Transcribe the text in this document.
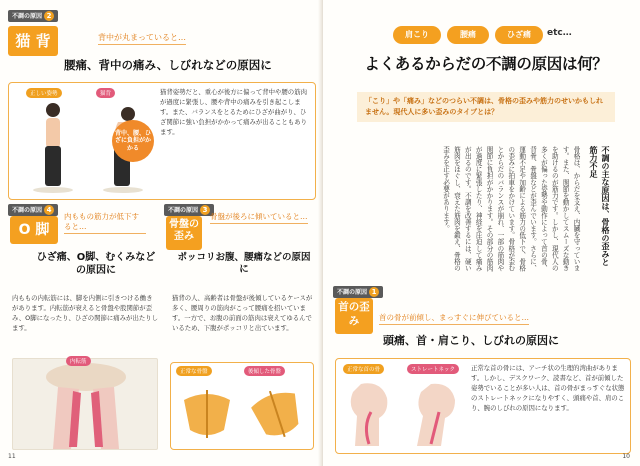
不調の原因 2
猫 背	背中が丸まっていると…
腰痛、背中の痛み、しびれなどの原因に
正しい姿勢	猫背
背中、腰、ひざに負担がかかる
猫背姿勢だと、重心が後方に偏って背中や腰の筋肉が過度に緊張し、腰や背中の痛みを引き起こします。また、バランスをとるためにひざが曲がり、ひざ関節に強い負担がかかって痛みが出ることもあります。
不調の原因 4
O 脚
内ももの筋力が低下すると…
ひざ痛、O脚、むくみなどの原因に
内ももの内転筋には、脚を内側に引きつける働きがあります。内転筋が衰えると骨盤や股関節が歪み、O脚になったり、ひざの関節に痛みが出たりします。
内転筋
不調の原因 3
骨盤の歪み
骨盤が後ろに傾いていると…
ポッコリお腹、腰痛などの原因に
猫背の人、高齢者は骨盤が後傾しているケースが多く、腰周りの筋肉がこって腰痛を招いています。一方で、お腹の前面の筋肉は衰えてゆるんでいるため、下腹がポッコリと出ています。
正常な骨盤	後傾した骨盤
11
肩こり	腰痛	ひざ痛	etc…
よくあるからだの不調の原因は何？
「こり」や「痛み」などのつらい不調は、骨格の歪みや筋力のせいかもしれません。現代人に多い歪みのタイプとは？
不調の主な原因は、骨格の歪みと筋力不足
骨格は、からだを支え、内臓を守っています。また、関節を動かしてスムーズな動きを助けるのが筋力です。しかし、現代人の多くが偏った姿勢や動作によって首の骨、背骨、骨盤などが歪んでいます。さらに、運動不足や加齢による筋力の低下で、骨格の歪みに拍車をかけています。骨格が歪むとからだのバランスが崩れ、一部の筋肉や関節に負担がかかります。その部分の筋肉が過度に緊張したり、神経を圧迫して痛みが出るのです。不調を改善するには、硬い筋肉をほぐし、衰えた筋肉を鍛え、骨格の歪みを正す必要があります。
不調の原因 1
首の歪み	首の骨が前傾し、まっすぐに伸びていると…
頭痛、首・肩こり、しびれの原因に
正常な首の骨	ストレートネック	正常な首の骨には、アーチ状の生理的湾曲があります。しかし、デスクワーク、読書など、首が前傾した姿勢でいることが多い人は、首の骨がまっすぐな状態のストレートネックになりやすく、頭痛や首、肩のこり、腕のしびれの原因になります。
10
